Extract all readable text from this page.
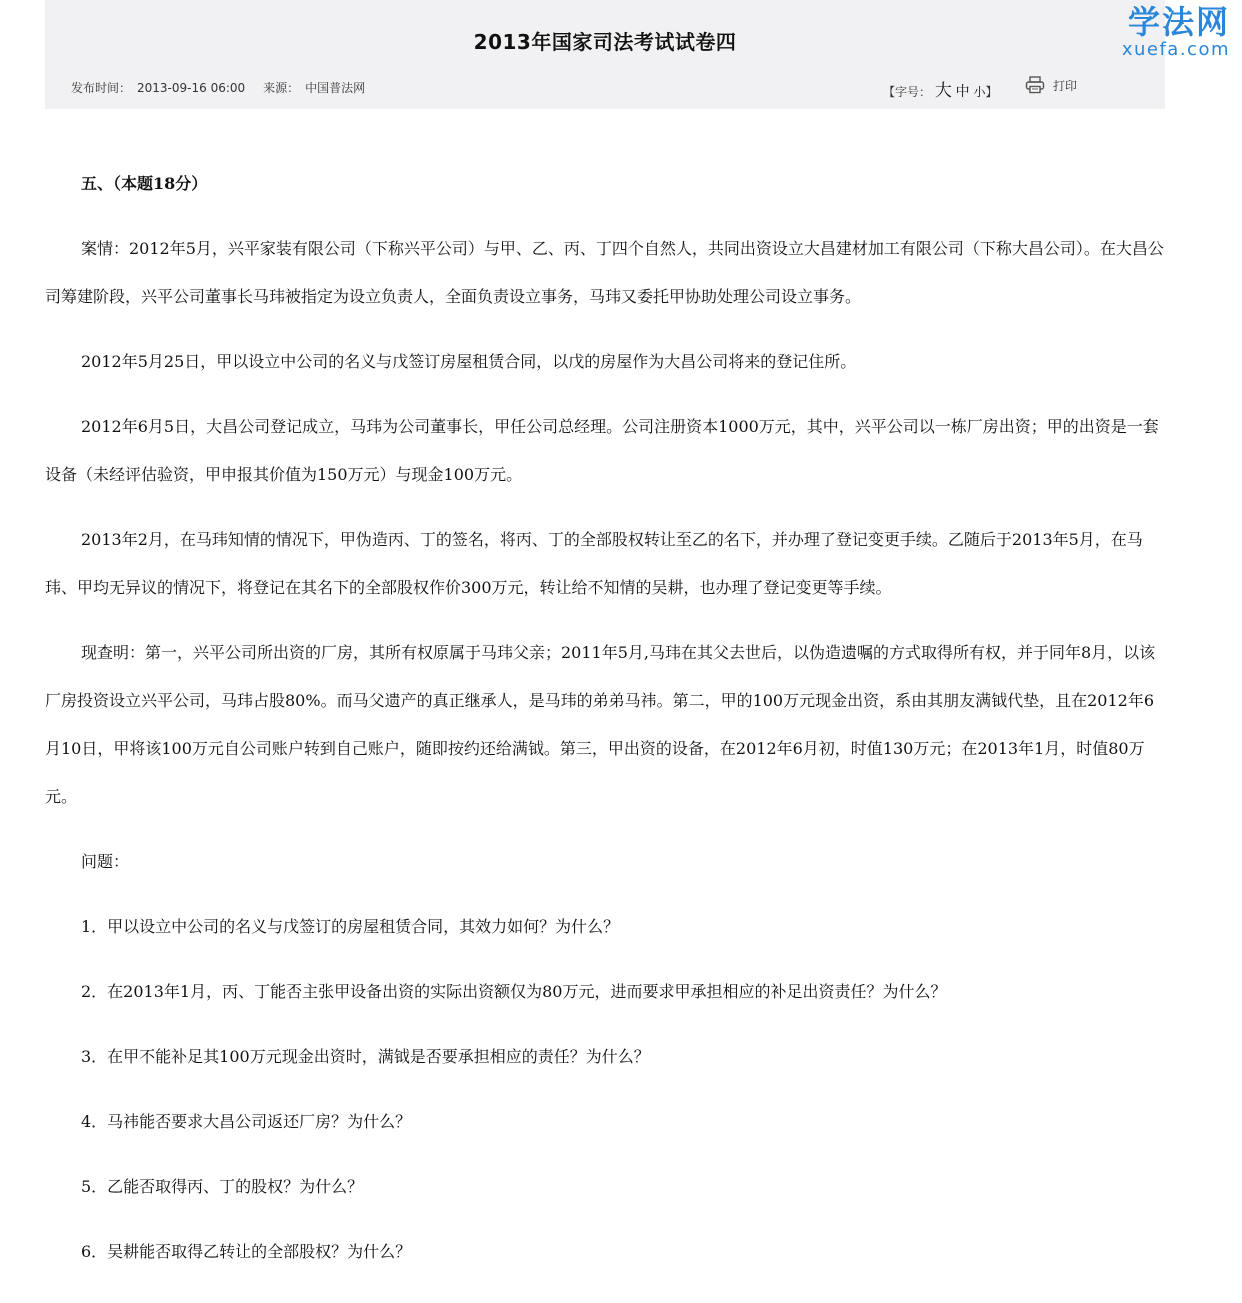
2013年国家司法考试试卷四
发布时间： 2013-09-16 06:00 来源： 中国普法网	【字号： 大 中 小】	打印
学法网
xuefa.com

五、（本题18分）

案情：2012年5月，兴平家装有限公司（下称兴平公司）与甲、乙、丙、丁四个自然人，共同出资设立大昌建材加工有限公司（下称大昌公司）。在大昌公司筹建阶段，兴平公司董事长马玮被指定为设立负责人，全面负责设立事务，马玮又委托甲协助处理公司设立事务。

2012年5月25日，甲以设立中公司的名义与戊签订房屋租赁合同，以戊的房屋作为大昌公司将来的登记住所。

2012年6月5日，大昌公司登记成立，马玮为公司董事长，甲任公司总经理。公司注册资本1000万元，其中，兴平公司以一栋厂房出资；甲的出资是一套设备（未经评估验资，甲申报其价值为150万元）与现金100万元。

2013年2月，在马玮知情的情况下，甲伪造丙、丁的签名，将丙、丁的全部股权转让至乙的名下，并办理了登记变更手续。乙随后于2013年5月，在马玮、甲均无异议的情况下，将登记在其名下的全部股权作价300万元，转让给不知情的吴耕，也办理了登记变更等手续。

现查明：第一，兴平公司所出资的厂房，其所有权原属于马玮父亲；2011年5月,马玮在其父去世后，以伪造遗嘱的方式取得所有权，并于同年8月，以该厂房投资设立兴平公司，马玮占股80%。而马父遗产的真正继承人，是马玮的弟弟马祎。第二，甲的100万元现金出资，系由其朋友满钺代垫，且在2012年6月10日，甲将该100万元自公司账户转到自己账户，随即按约还给满钺。第三，甲出资的设备，在2012年6月初，时值130万元；在2013年1月，时值80万元。

问题：

1．甲以设立中公司的名义与戊签订的房屋租赁合同，其效力如何？为什么？

2．在2013年1月，丙、丁能否主张甲设备出资的实际出资额仅为80万元，进而要求甲承担相应的补足出资责任？为什么？

3．在甲不能补足其100万元现金出资时，满钺是否要承担相应的责任？为什么？

4．马祎能否要求大昌公司返还厂房？为什么？

5．乙能否取得丙、丁的股权？为什么？

6．吴耕能否取得乙转让的全部股权？为什么？
